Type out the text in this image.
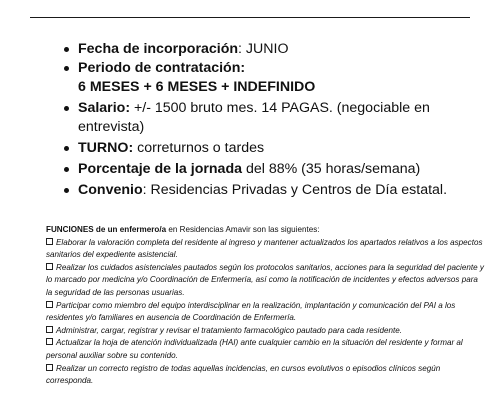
Fecha de incorporación: JUNIO
Periodo de contratación:
6 MESES + 6 MESES + INDEFINIDO
Salario: +/- 1500 bruto mes. 14 PAGAS. (negociable en entrevista)
TURNO: correturnos o tardes
Porcentaje de la jornada del 88% (35 horas/semana)
Convenio: Residencias Privadas y Centros de Día estatal.
FUNCIONES de un enfermero/a en Residencias Amavir son las siguientes:
Elaborar la valoración completa del residente al ingreso y mantener actualizados los apartados relativos a los aspectos sanitarios del expediente asistencial.
Realizar los cuidados asistenciales pautados según los protocolos sanitarios, acciones para la seguridad del paciente y lo marcado por medicina y/o Coordinación de Enfermería, así como la notificación de incidentes y efectos adversos para la seguridad de las personas usuarias.
Participar como miembro del equipo interdisciplinar en la realización, implantación y comunicación del PAI a los residentes y/o familiares en ausencia de Coordinación de Enfermería.
Administrar, cargar, registrar y revisar el tratamiento farmacológico pautado para cada residente.
Actualizar la hoja de atención individualizada (HAI) ante cualquier cambio en la situación del residente y formar al personal auxiliar sobre su contenido.
Realizar un correcto registro de todas aquellas incidencias, en cursos evolutivos o episodios clínicos según corresponda.
